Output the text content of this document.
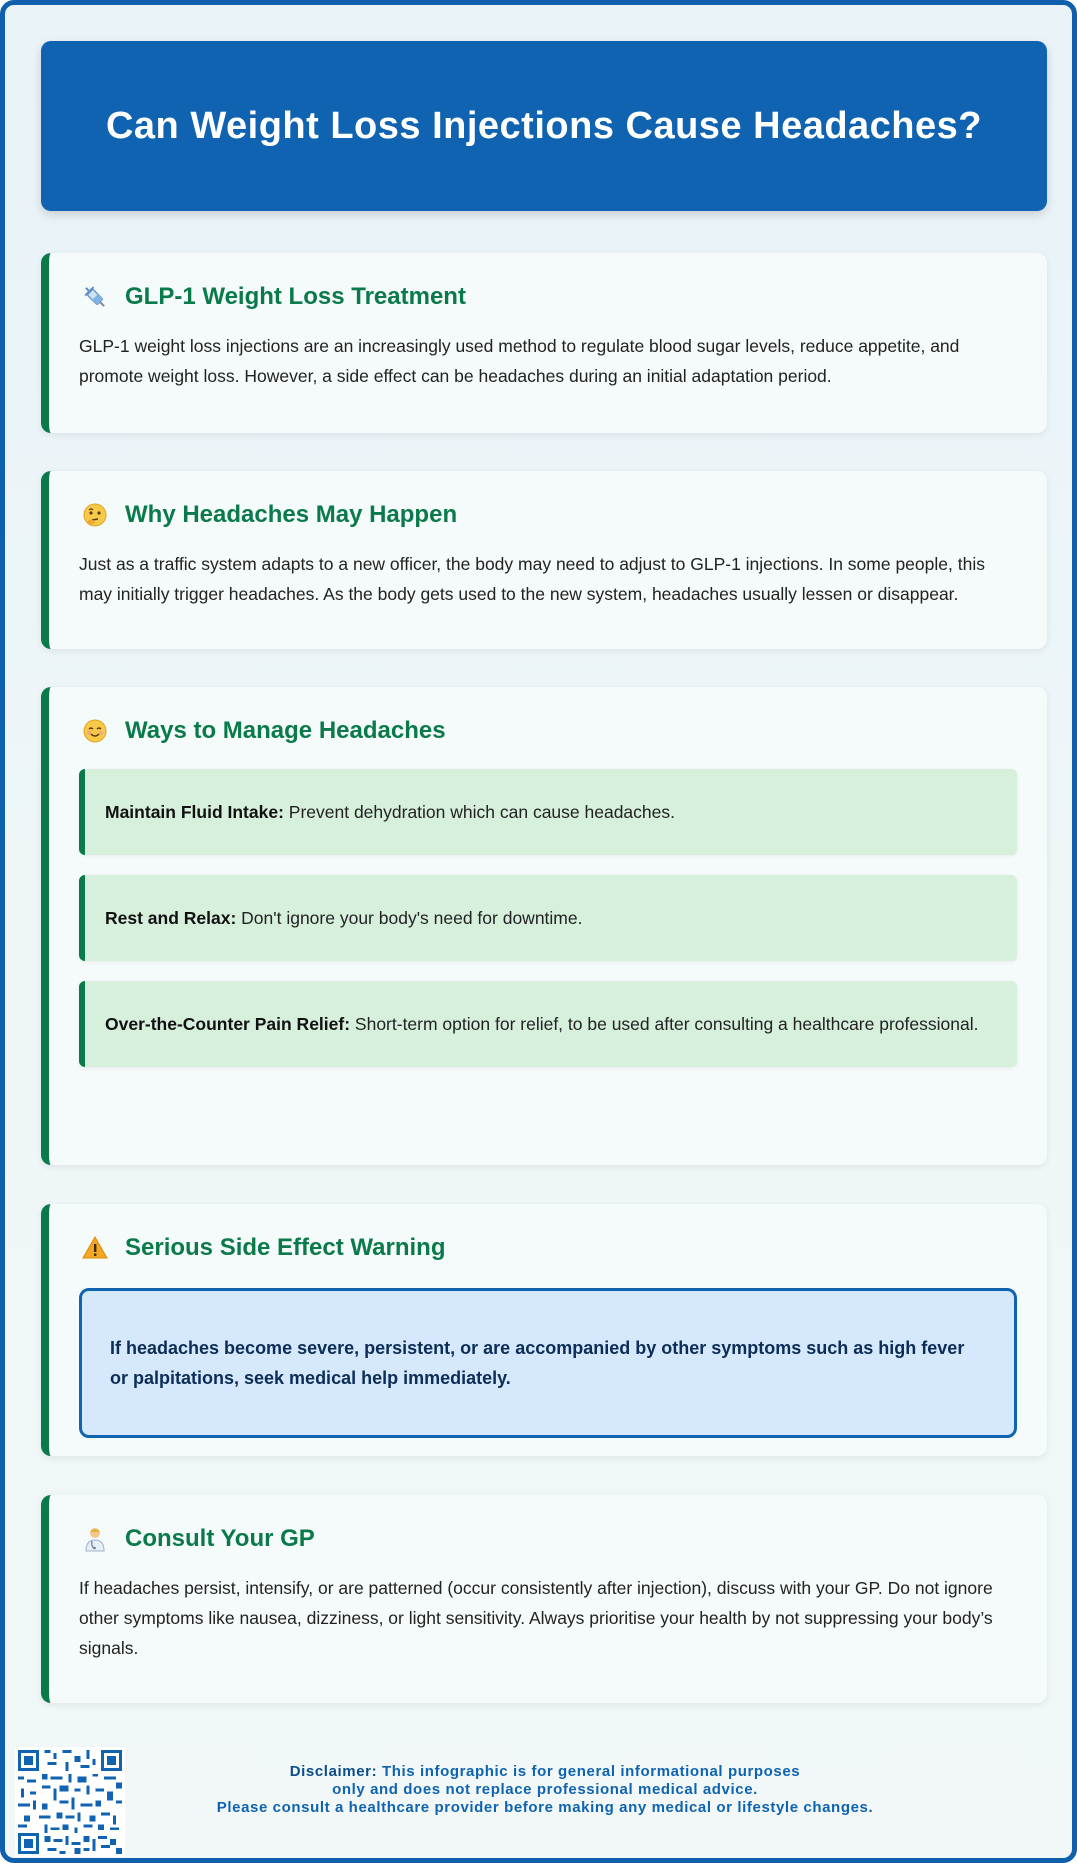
Can Weight Loss Injections Cause Headaches?
GLP-1 Weight Loss Treatment

GLP-1 weight loss injections are an increasingly used method to regulate blood sugar levels, reduce appetite, and promote weight loss. However, a side effect can be headaches during an initial adaptation period.

Why Headaches May Happen

Just as a traffic system adapts to a new officer, the body may need to adjust to GLP-1 injections. In some people, this may initially trigger headaches. As the body gets used to the new system, headaches usually lessen or disappear.

Ways to Manage Headaches
Maintain Fluid Intake: Prevent dehydration which can cause headaches.
Rest and Relax: Don't ignore your body's need for downtime.
Over-the-Counter Pain Relief: Short-term option for relief, to be used after consulting a healthcare professional.
Serious Side Effect Warning
If headaches become severe, persistent, or are accompanied by other symptoms such as high fever or palpitations, seek medical help immediately.
Consult Your GP

If headaches persist, intensify, or are patterned (occur consistently after injection), discuss with your GP. Do not ignore other symptoms like nausea, dizziness, or light sensitivity. Always prioritise your health by not suppressing your body’s signals.

Disclaimer: This infographic is for general informational purposes
only and does not replace professional medical advice.
Please consult a healthcare provider before making any medical or lifestyle changes.
